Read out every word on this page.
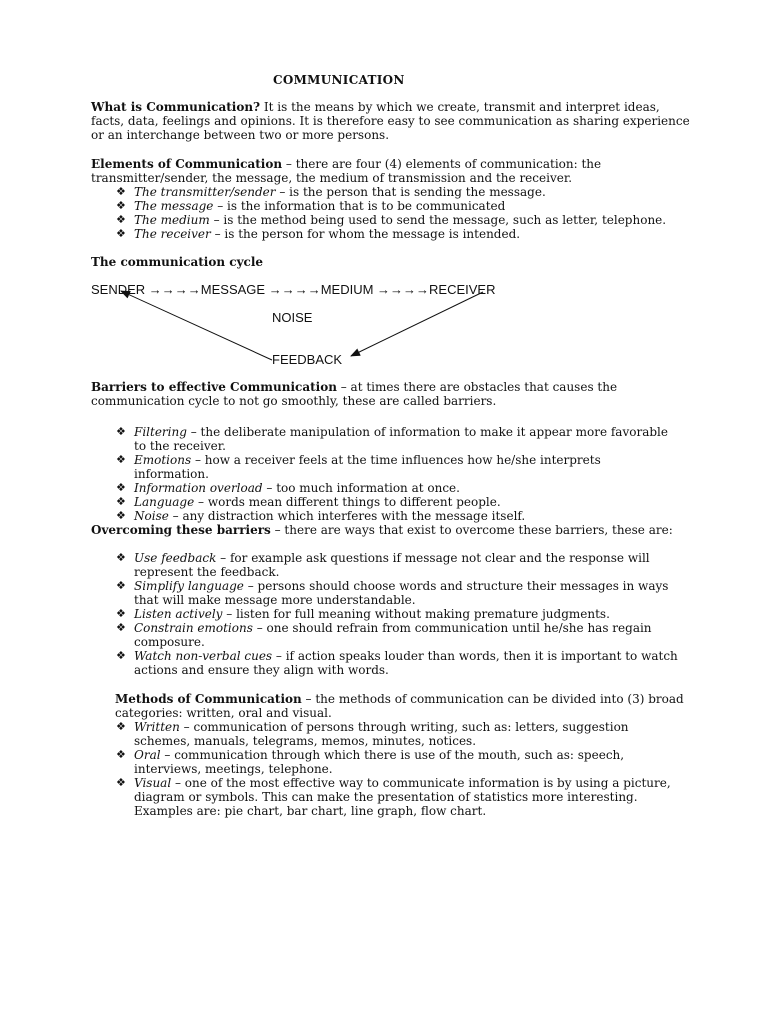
COMMUNICATION

What is Communication? It is the means by which we create, transmit and interpret ideas, facts, data, feelings and opinions. It is therefore easy to see communication as sharing experience or an interchange between two or more persons.

Elements of Communication – there are four (4) elements of communication: the transmitter/sender, the message, the medium of transmission and the receiver.

❖ The transmitter/sender – is the person that is sending the message.
❖ The message – is the information that is to be communicated
❖ The medium – is the method being used to send the message, such as letter, telephone.
❖ The receiver – is the person for whom the message is intended.
The communication cycle
SENDER →→→→MESSAGE →→→→MEDIUM →→→→RECEIVER
NOISE
FEEDBACK

Barriers to effective Communication – at times there are obstacles that causes the communication cycle to not go smoothly, these are called barriers.

❖ Filtering – the deliberate manipulation of information to make it appear more favorable to the receiver.
❖ Emotions – how a receiver feels at the time influences how he/she interprets information.
❖ Information overload – too much information at once.
❖ Language – words mean different things to different people.
❖ Noise – any distraction which interferes with the message itself.

Overcoming these barriers – there are ways that exist to overcome these barriers, these are:

❖ Use feedback – for example ask questions if message not clear and the response will represent the feedback.
❖ Simplify language – persons should choose words and structure their messages in ways that will make message more understandable.
❖ Listen actively – listen for full meaning without making premature judgments.
❖ Constrain emotions – one should refrain from communication until he/she has regain composure.
❖ Watch non-verbal cues – if action speaks louder than words, then it is important to watch actions and ensure they align with words.

Methods of Communication – the methods of communication can be divided into (3) broad categories: written, oral and visual.

❖ Written – communication of persons through writing, such as: letters, suggestion schemes, manuals, telegrams, memos, minutes, notices.
❖ Oral – communication through which there is use of the mouth, such as: speech, interviews, meetings, telephone.
❖ Visual – one of the most effective way to communicate information is by using a picture, diagram or symbols. This can make the presentation of statistics more interesting. Examples are: pie chart, bar chart, line graph, flow chart.
